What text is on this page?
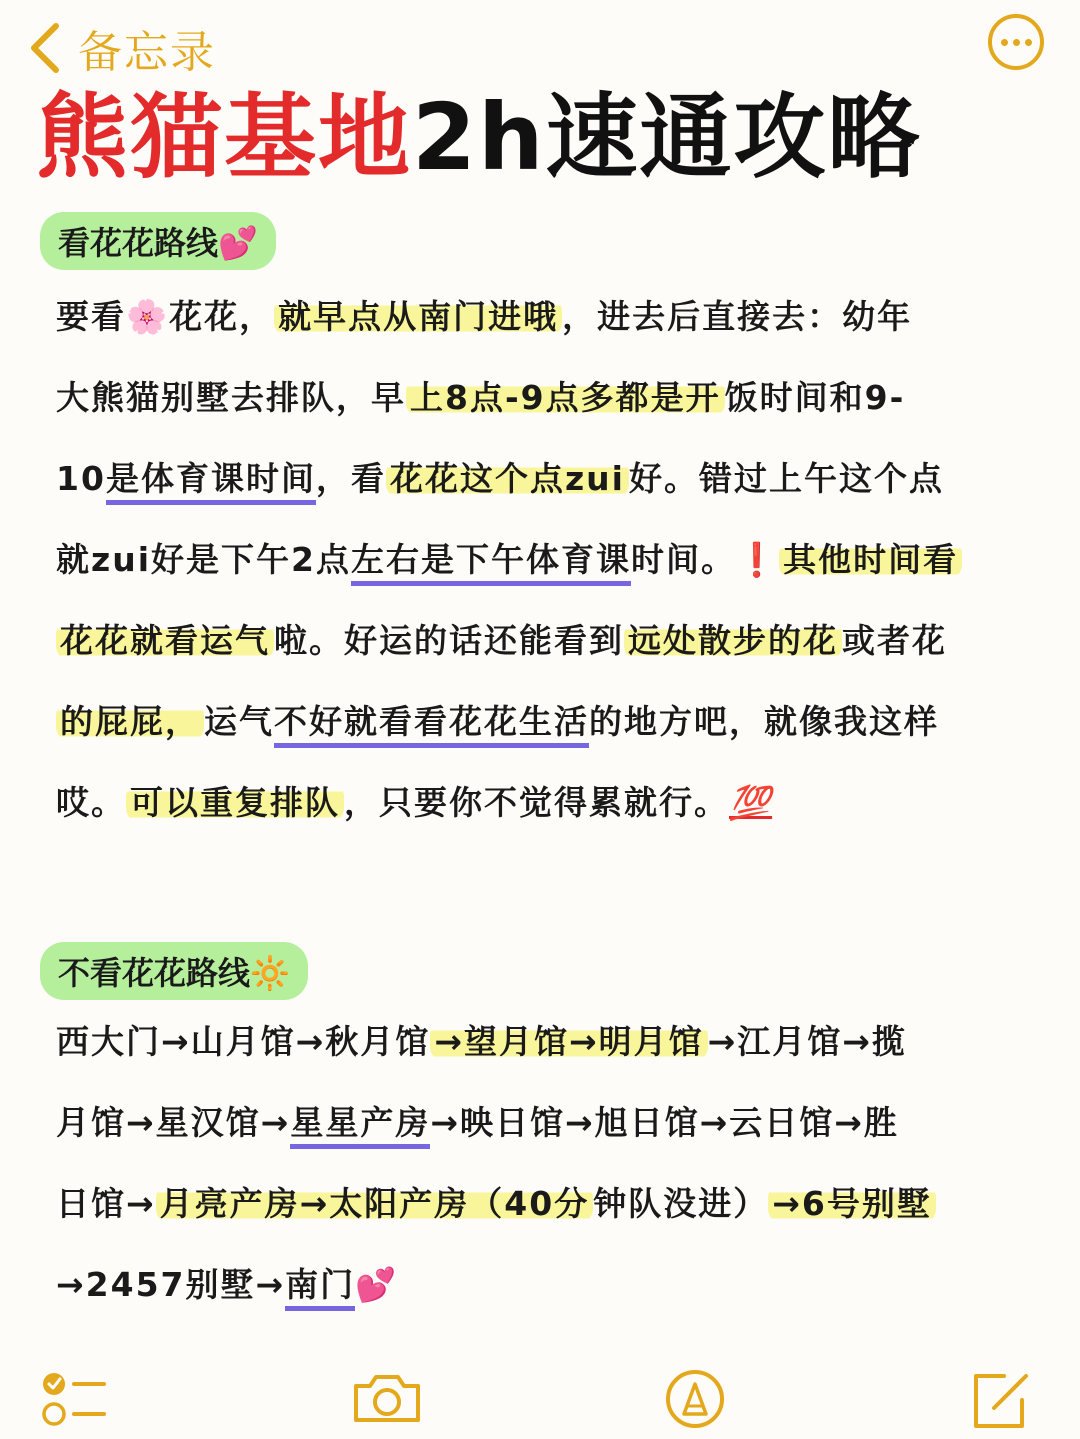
备忘录
熊猫基地2h速通攻略
看花花路线💕
要看🌸花花， 就早点从南门进哦 ，进去后直接去：幼年
大熊猫别墅去排队，早 上8点-9点多都是开 饭时间和9-
10是体育课时间，看 花花这个点zui 好。错过上午这个点
就zui好是下午2点左右是下午体育课时间。❗ 其他时间看
花花就看运气 啦。好运的话还能看到 远处散步的花 或者花
的屁屁， 运气不好就看看花花生活的地方吧，就像我这样
哎。 可以重复排队 ，只要你不觉得累就行。💯
不看花花路线🔆
西大门→山月馆→秋月馆 →望月馆→明月馆 →江月馆→揽
月馆→星汉馆→星星产房→映日馆→旭日馆→云日馆→胜
日馆→ 月亮产房→太阳产房（40分 钟队没进） →6号别墅
→2457别墅→南门💕
